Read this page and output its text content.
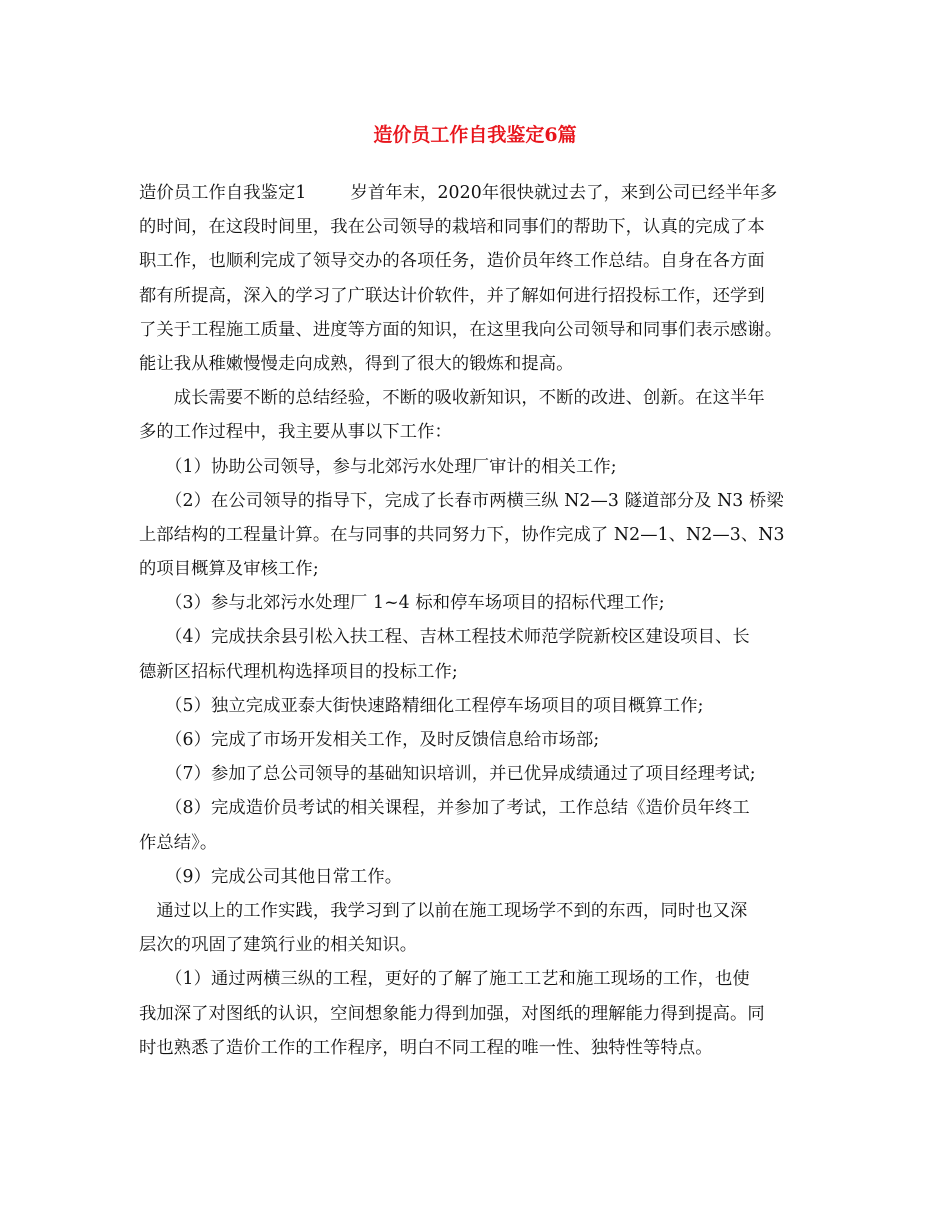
造价员工作自我鉴定6篇
造价员工作自我鉴定1	岁首年末，2020年很快就过去了，来到公司已经半年多
的时间，在这段时间里，我在公司领导的栽培和同事们的帮助下，认真的完成了本
职工作，也顺利完成了领导交办的各项任务，造价员年终工作总结。自身在各方面
都有所提高，深入的学习了广联达计价软件，并了解如何进行招投标工作，还学到
了关于工程施工质量、进度等方面的知识，在这里我向公司领导和同事们表示感谢。
能让我从稚嫩慢慢走向成熟，得到了很大的锻炼和提高。
　　成长需要不断的总结经验，不断的吸收新知识，不断的改进、创新。在这半年
多的工作过程中，我主要从事以下工作：
　　（1）协助公司领导，参与北郊污水处理厂审计的相关工作;
　　（2）在公司领导的指导下，完成了长春市两横三纵 N2—3 隧道部分及 N3 桥梁
上部结构的工程量计算。在与同事的共同努力下，协作完成了 N2—1、N2—3、N3
的项目概算及审核工作;
　　（3）参与北郊污水处理厂 1~4 标和停车场项目的招标代理工作;
　　（4）完成扶余县引松入扶工程、吉林工程技术师范学院新校区建设项目、长
德新区招标代理机构选择项目的投标工作;
　　（5）独立完成亚泰大街快速路精细化工程停车场项目的项目概算工作;
　　（6）完成了市场开发相关工作，及时反馈信息给市场部;
　　（7）参加了总公司领导的基础知识培训，并已优异成绩通过了项目经理考试;
　　（8）完成造价员考试的相关课程，并参加了考试，工作总结《造价员年终工
作总结》。
　　（9）完成公司其他日常工作。
　通过以上的工作实践，我学习到了以前在施工现场学不到的东西，同时也又深
层次的巩固了建筑行业的相关知识。
　　（1）通过两横三纵的工程，更好的了解了施工工艺和施工现场的工作，也使
我加深了对图纸的认识，空间想象能力得到加强，对图纸的理解能力得到提高。同
时也熟悉了造价工作的工作程序，明白不同工程的唯一性、独特性等特点。
